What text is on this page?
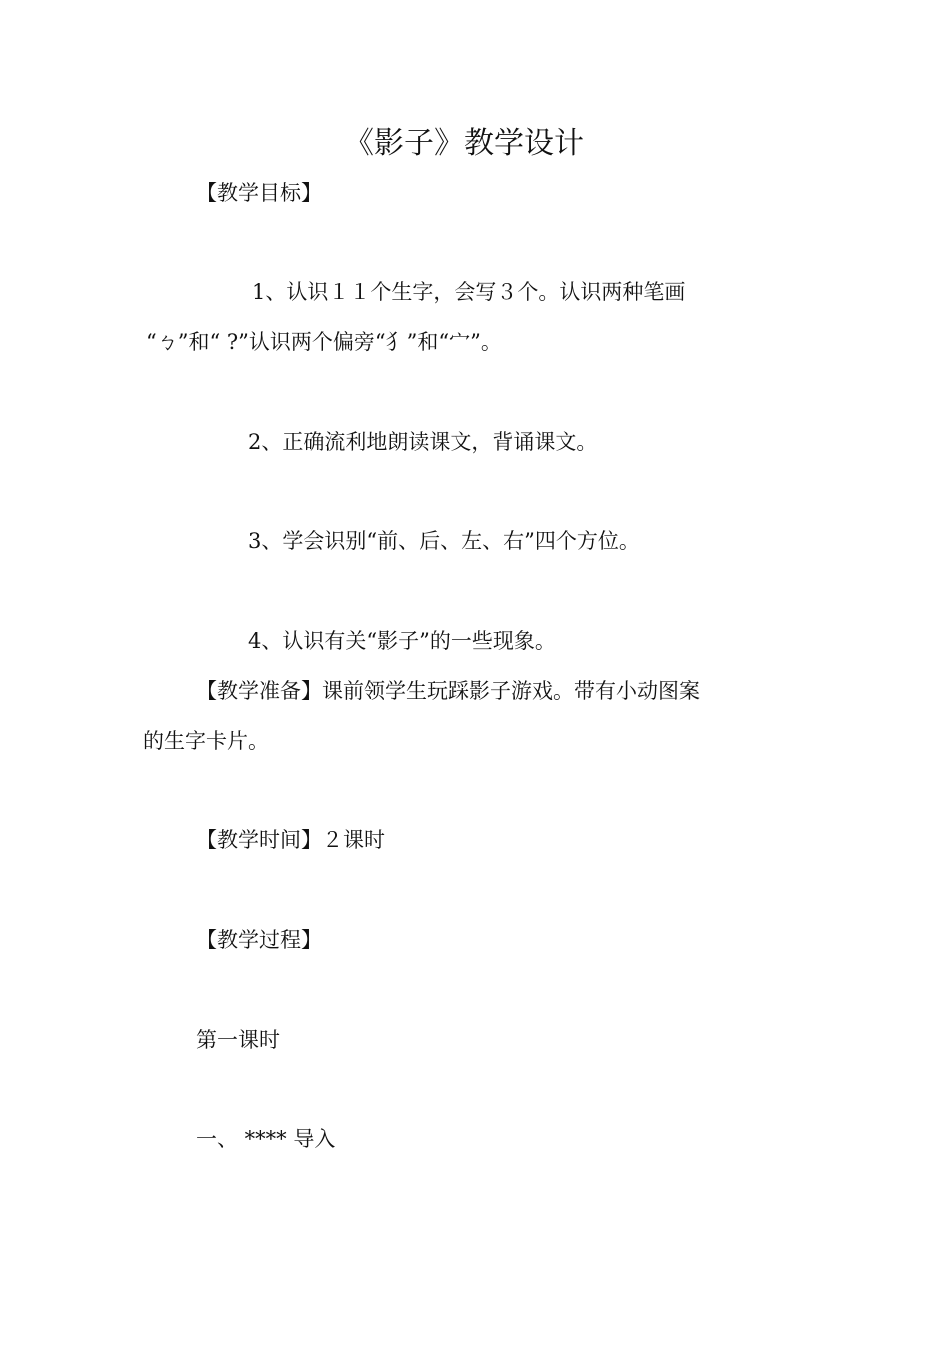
《影子》教学设计
【教学目标】
1、认识１１个生字，会写３个。认识两种笔画
“ㄅ”和“ ?”认识两个偏旁“犭”和“宀”。
2、正确流利地朗读课文，背诵课文。
3、学会识别“前、后、左、右”四个方位。
4、认识有关“影子”的一些现象。
【教学准备】课前领学生玩踩影子游戏。带有小动图案
的生字卡片。
【教学时间】２课时
【教学过程】
第一课时
一、 **** 导入
